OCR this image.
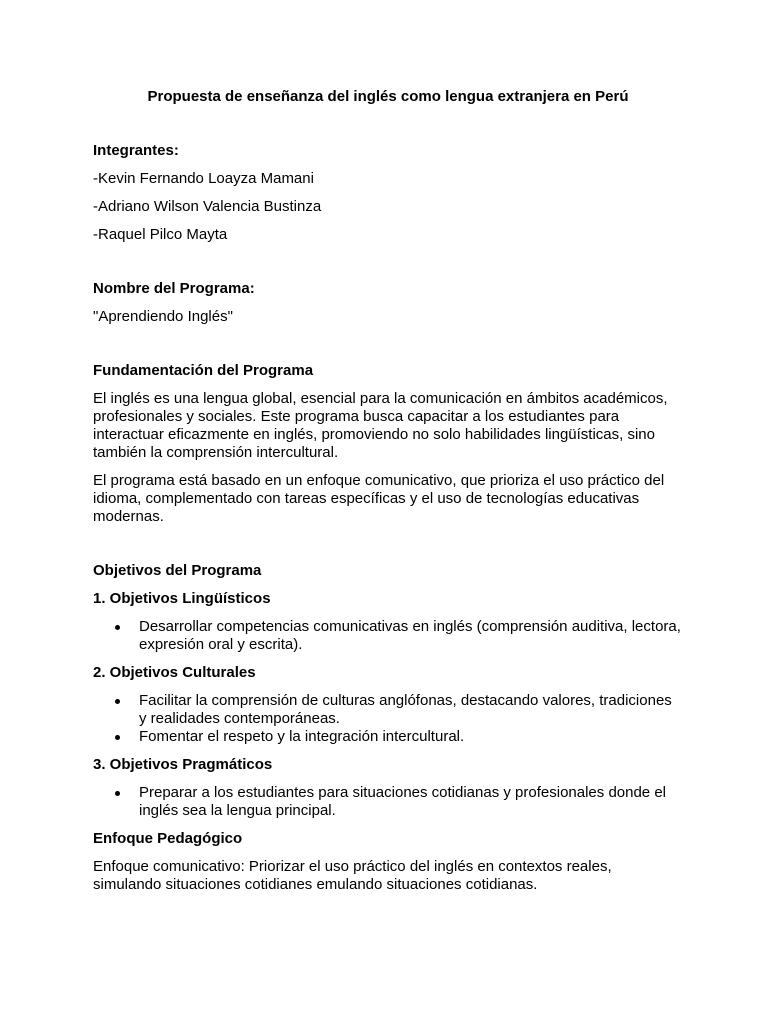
Propuesta de enseñanza del inglés como lengua extranjera en Perú

Integrantes:

-Kevin Fernando Loayza Mamani

-Adriano Wilson Valencia Bustinza

-Raquel Pilco Mayta

Nombre del Programa:

"Aprendiendo Inglés"

Fundamentación del Programa

El inglés es una lengua global, esencial para la comunicación en ámbitos académicos, profesionales y sociales. Este programa busca capacitar a los estudiantes para interactuar eficazmente en inglés, promoviendo no solo habilidades lingüísticas, sino también la comprensión intercultural.

El programa está basado en un enfoque comunicativo, que prioriza el uso práctico del idioma, complementado con tareas específicas y el uso de tecnologías educativas modernas.

Objetivos del Programa

1. Objetivos Lingüísticos

Desarrollar competencias comunicativas en inglés (comprensión auditiva, lectora, expresión oral y escrita).

2. Objetivos Culturales

Facilitar la comprensión de culturas anglófonas, destacando valores, tradiciones y realidades contemporáneas.
Fomentar el respeto y la integración intercultural.

3. Objetivos Pragmáticos

Preparar a los estudiantes para situaciones cotidianas y profesionales donde el inglés sea la lengua principal.

Enfoque Pedagógico

Enfoque comunicativo: Priorizar el uso práctico del inglés en contextos reales, simulando situaciones cotidianes emulando situaciones cotidianas.
